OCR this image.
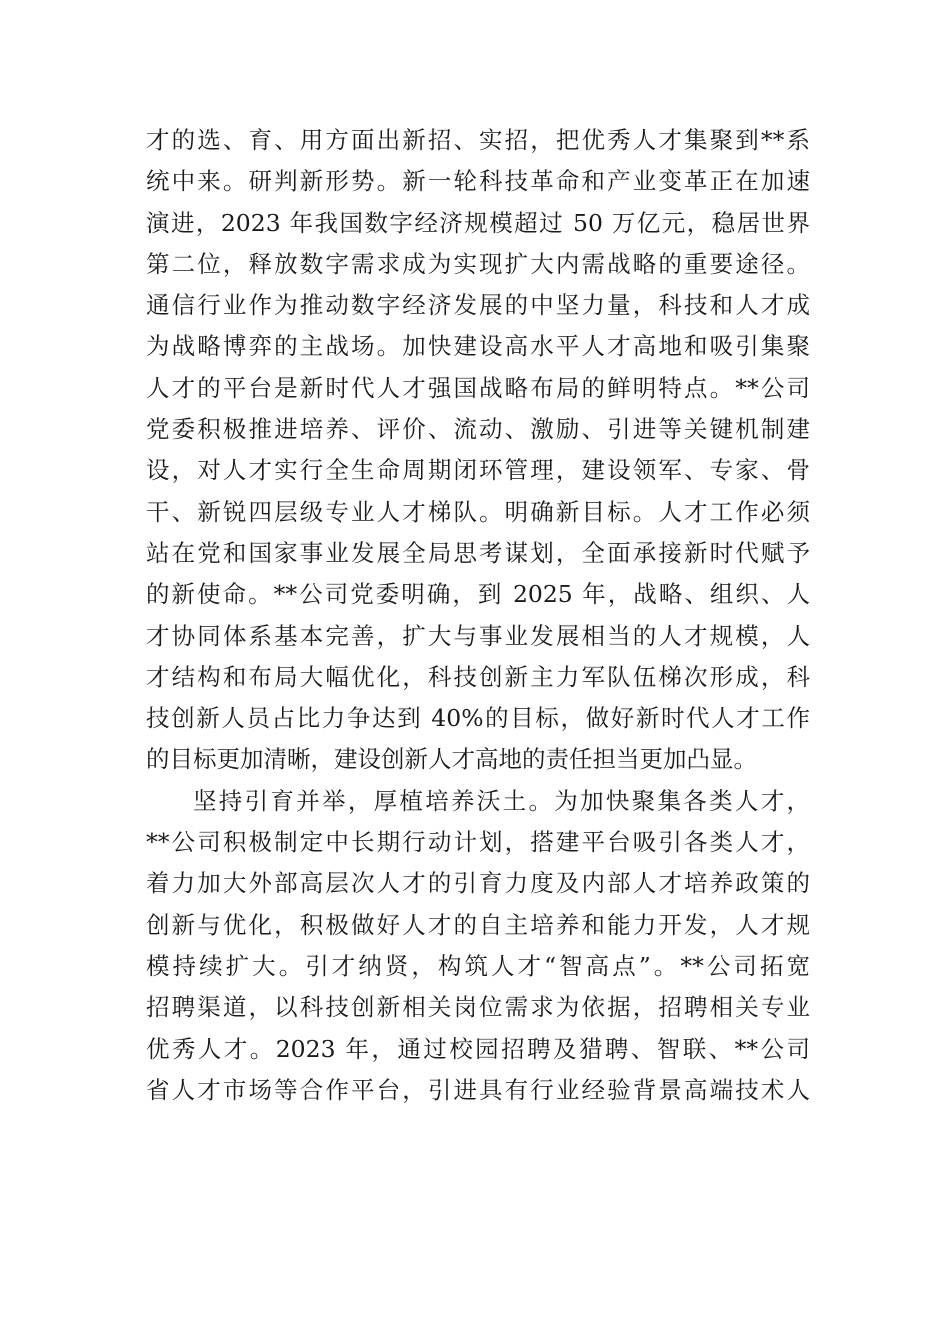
才的选、育、用方面出新招、实招，把优秀人才集聚到**系
统中来。研判新形势。新一轮科技革命和产业变革正在加速
演进，2023 年我国数字经济规模超过 50 万亿元，稳居世界
第二位，释放数字需求成为实现扩大内需战略的重要途径。
通信行业作为推动数字经济发展的中坚力量，科技和人才成
为战略博弈的主战场。加快建设高水平人才高地和吸引集聚
人才的平台是新时代人才强国战略布局的鲜明特点。**公司
党委积极推进培养、评价、流动、激励、引进等关键机制建
设，对人才实行全生命周期闭环管理，建设领军、专家、骨
干、新锐四层级专业人才梯队。明确新目标。人才工作必须
站在党和国家事业发展全局思考谋划，全面承接新时代赋予
的新使命。**公司党委明确，到 2025 年，战略、组织、人
才协同体系基本完善，扩大与事业发展相当的人才规模，人
才结构和布局大幅优化，科技创新主力军队伍梯次形成，科
技创新人员占比力争达到 40%的目标，做好新时代人才工作
的目标更加清晰，建设创新人才高地的责任担当更加凸显。
坚持引育并举，厚植培养沃土。为加快聚集各类人才，
**公司积极制定中长期行动计划，搭建平台吸引各类人才，
着力加大外部高层次人才的引育力度及内部人才培养政策的
创新与优化，积极做好人才的自主培养和能力开发，人才规
模持续扩大。引才纳贤，构筑人才“智高点”。**公司拓宽
招聘渠道，以科技创新相关岗位需求为依据，招聘相关专业
优秀人才。2023 年，通过校园招聘及猎聘、智联、**公司
省人才市场等合作平台，引进具有行业经验背景高端技术人
